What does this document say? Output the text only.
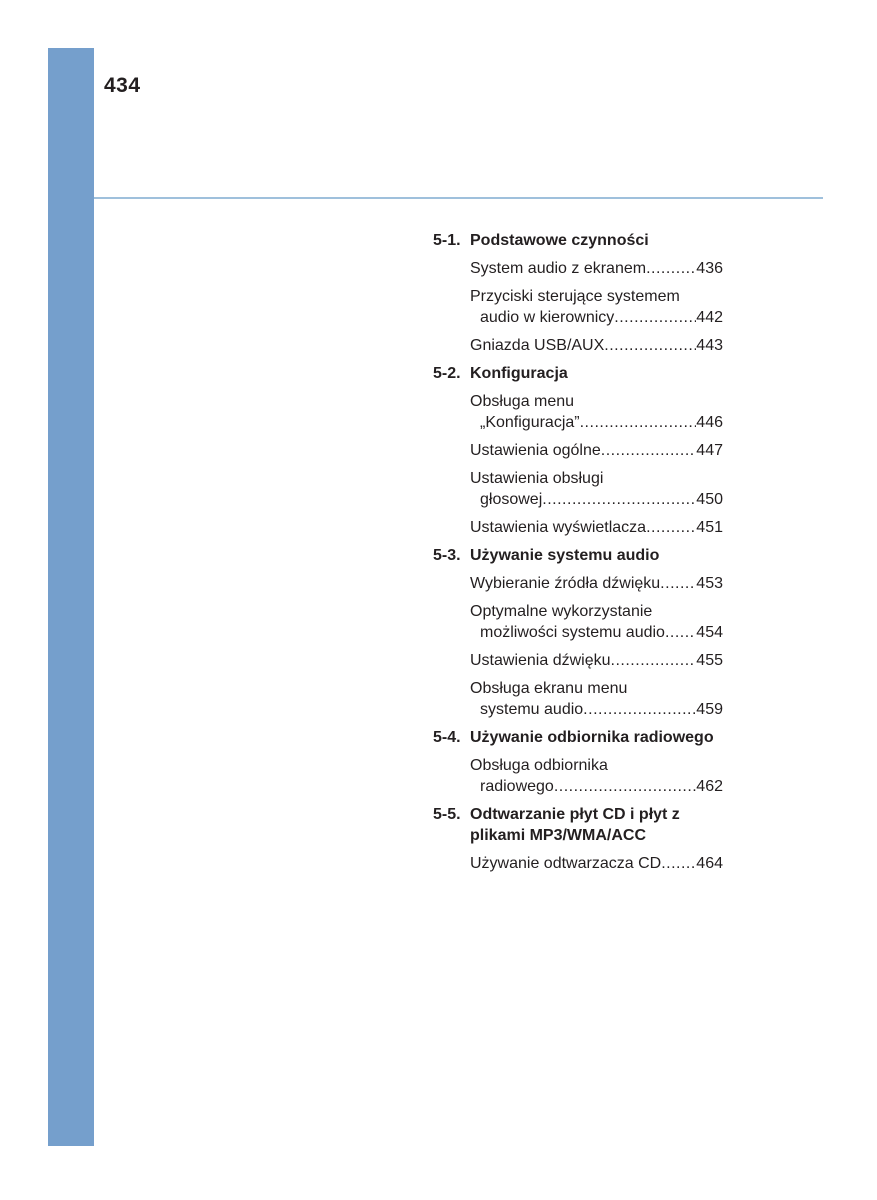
434
5-1. Podstawowe czynności
System audio z ekranem .....	436
Przyciski sterujące systemem
audio w kierownicy .....	442
Gniazda USB/AUX .....	443
5-2. Konfiguracja
Obsługa menu
„Konfiguracja” .....	446
Ustawienia ogólne .....	447
Ustawienia obsługi
głosowej .....	450
Ustawienia wyświetlacza .....	451
5-3. Używanie systemu audio
Wybieranie źródła dźwięku ..... 453
Optymalne wykorzystanie
możliwości systemu audio ..... 454
Ustawienia dźwięku .....	455
Obsługa ekranu menu
systemu audio .....	459
5-4. Używanie odbiornika radiowego
Obsługa odbiornika
radiowego .....	462
5-5. Odtwarzanie płyt CD i płyt z plikami MP3/WMA/ACC
Używanie odtwarzacza CD ..... 464
